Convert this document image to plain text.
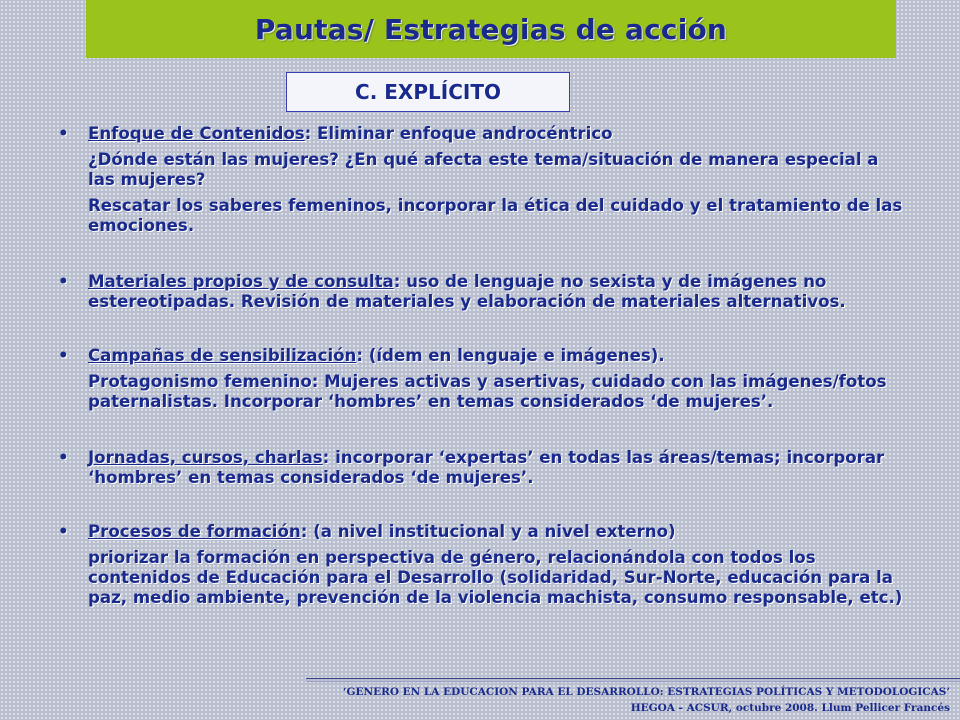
Pautas/ Estrategias de acción
C. EXPLÍCITO
• Enfoque de Contenidos: Eliminar enfoque androcéntrico

¿Dónde están las mujeres? ¿En qué afecta este tema/situación de manera especial a las mujeres?

Rescatar los saberes femeninos, incorporar la ética del cuidado y el tratamiento de las emociones.

• Materiales propios y de consulta: uso de lenguaje no sexista y de imágenes no estereotipadas. Revisión de materiales y elaboración de materiales alternativos.

• Campañas de sensibilización: (ídem en lenguaje e imágenes).

Protagonismo femenino: Mujeres activas y asertivas, cuidado con las imágenes/fotos paternalistas. Incorporar ‘hombres’ en temas considerados ‘de mujeres’.

• Jornadas, cursos, charlas: incorporar ‘expertas’ en todas las áreas/temas; incorporar ‘hombres’ en temas considerados ‘de mujeres’.

• Procesos de formación: (a nivel institucional y a nivel externo)

priorizar la formación en perspectiva de género, relacionándola con todos los contenidos de Educación para el Desarrollo (solidaridad, Sur-Norte, educación para la paz, medio ambiente, prevención de la violencia machista, consumo responsable, etc.)

‘GENERO EN LA EDUCACION PARA EL DESARROLLO: ESTRATEGIAS POLÍTICAS Y METODOLOGICAS’
HEGOA - ACSUR, octubre 2008. Llum Pellicer Francés
